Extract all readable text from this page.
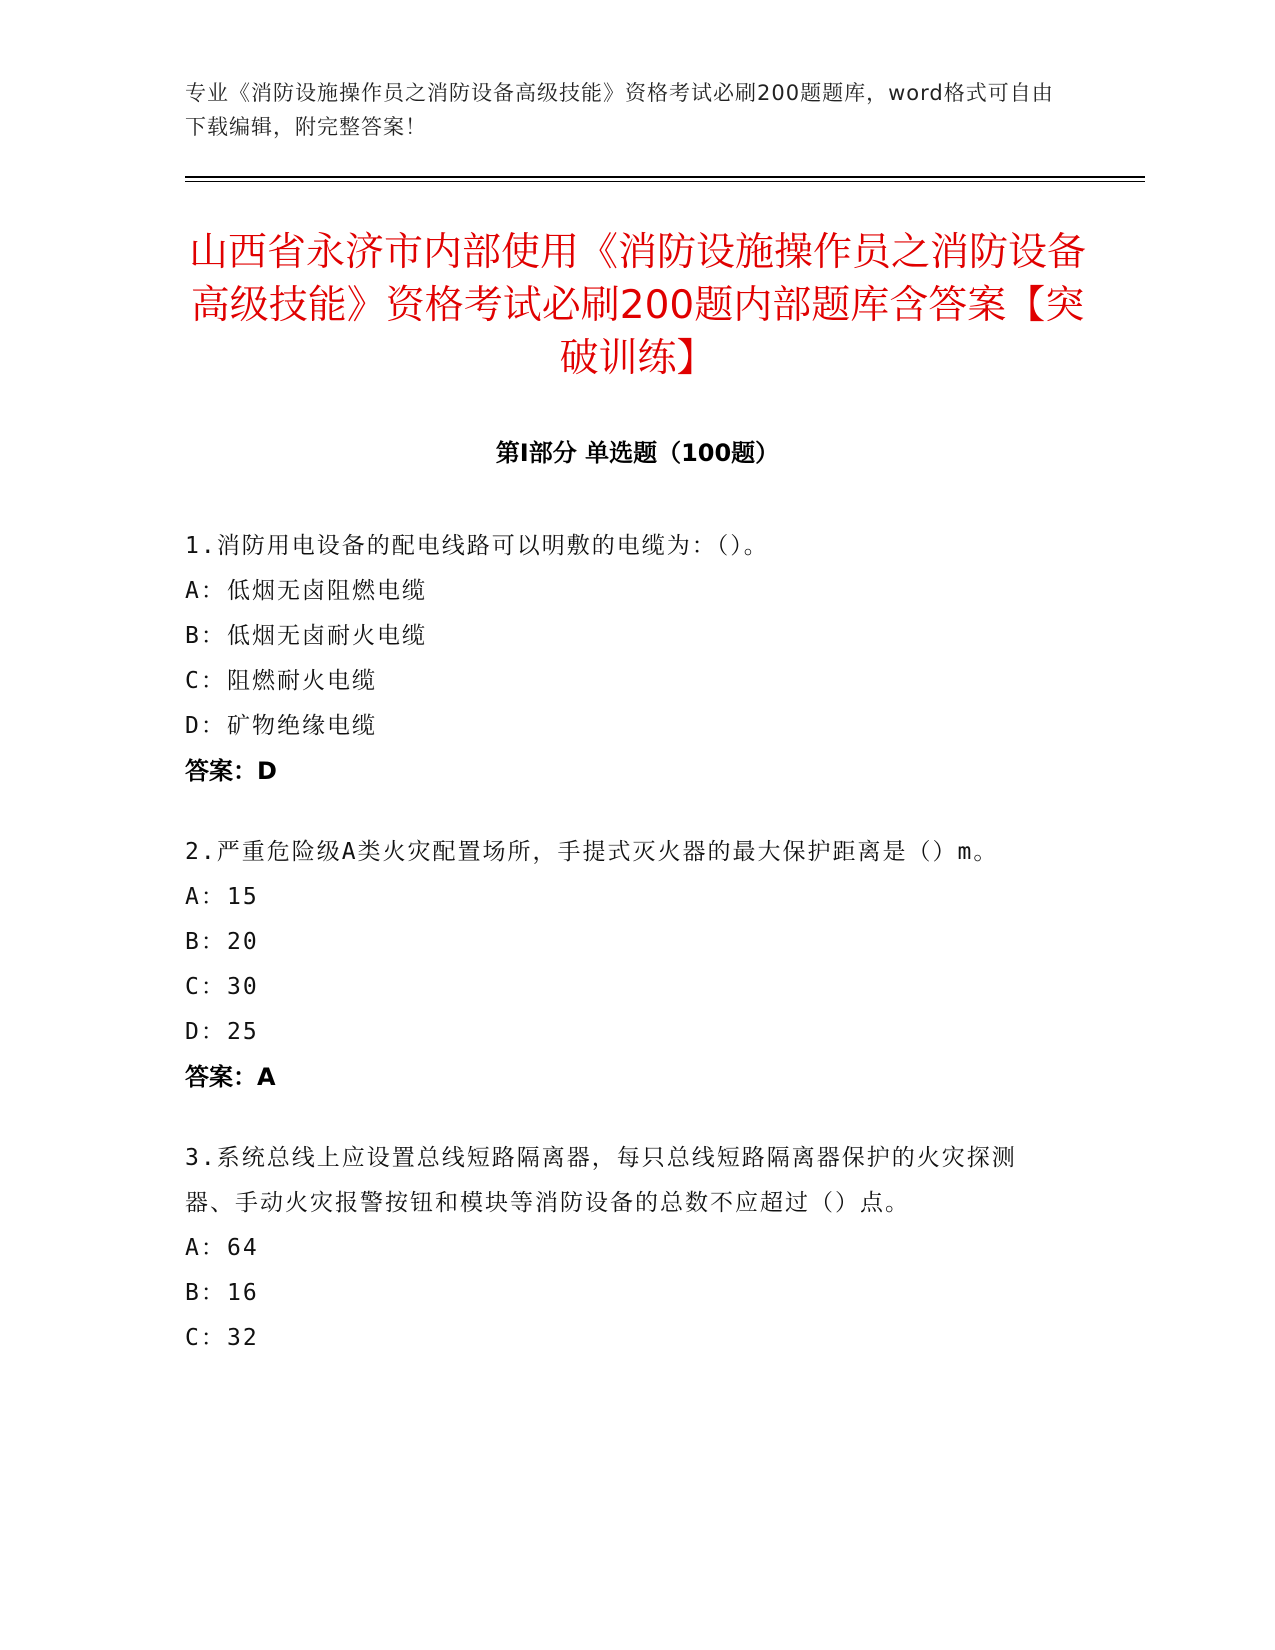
专业《消防设施操作员之消防设备高级技能》资格考试必刷200题题库，word格式可自由下载编辑，附完整答案！
山西省永济市内部使用《消防设施操作员之消防设备高级技能》资格考试必刷200题内部题库含答案【突破训练】
第Ⅰ部分 单选题（100题）

1.消防用电设备的配电线路可以明敷的电缆为：（）。

A：低烟无卤阻燃电缆

B：低烟无卤耐火电缆

C：阻燃耐火电缆

D：矿物绝缘电缆

答案：D

2.严重危险级A类火灾配置场所，手提式灭火器的最大保护距离是（）m。

A：15

B：20

C：30

D：25

答案：A

3.系统总线上应设置总线短路隔离器，每只总线短路隔离器保护的火灾探测器、手动火灾报警按钮和模块等消防设备的总数不应超过（）点。

A：64

B：16

C：32
